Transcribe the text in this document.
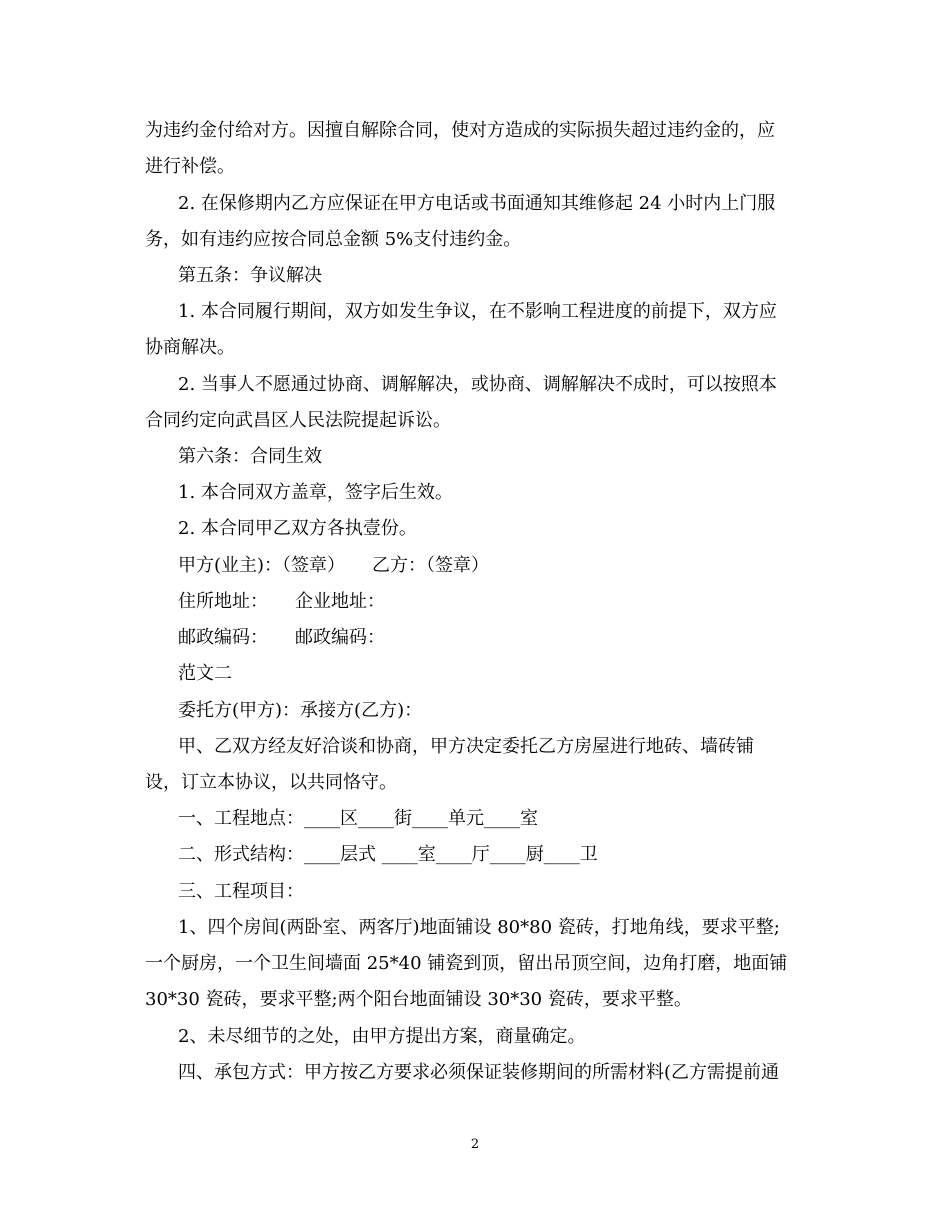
为违约金付给对方。因擅自解除合同，使对方造成的实际损失超过违约金的，应
进行补偿。
2. 在保修期内乙方应保证在甲方电话或书面通知其维修起 24 小时内上门服
务，如有违约应按合同总金额 5%支付违约金。
第五条：争议解决
1. 本合同履行期间，双方如发生争议，在不影响工程进度的前提下，双方应
协商解决。
2. 当事人不愿通过协商、调解解决，或协商、调解解决不成时，可以按照本
合同约定向武昌区人民法院提起诉讼。
第六条：合同生效
1. 本合同双方盖章，签字后生效。
2. 本合同甲乙双方各执壹份。
甲方(业主)：（签章）　　乙方：（签章）
住所地址：　　企业地址：
邮政编码：　　邮政编码：
范文二
委托方(甲方)：承接方(乙方)：
甲、乙双方经友好洽谈和协商，甲方决定委托乙方房屋进行地砖、墙砖铺
设，订立本协议，以共同恪守。
一、工程地点：____区____街____单元____室
二、形式结构：____层式 ____室____厅____厨____卫
三、工程项目：
1、四个房间(两卧室、两客厅)地面铺设 80*80 瓷砖，打地角线，要求平整;
一个厨房，一个卫生间墙面 25*40 铺瓷到顶，留出吊顶空间，边角打磨，地面铺
30*30 瓷砖，要求平整;两个阳台地面铺设 30*30 瓷砖，要求平整。
2、未尽细节的之处，由甲方提出方案，商量确定。
四、承包方式：甲方按乙方要求必须保证装修期间的所需材料(乙方需提前通
2
